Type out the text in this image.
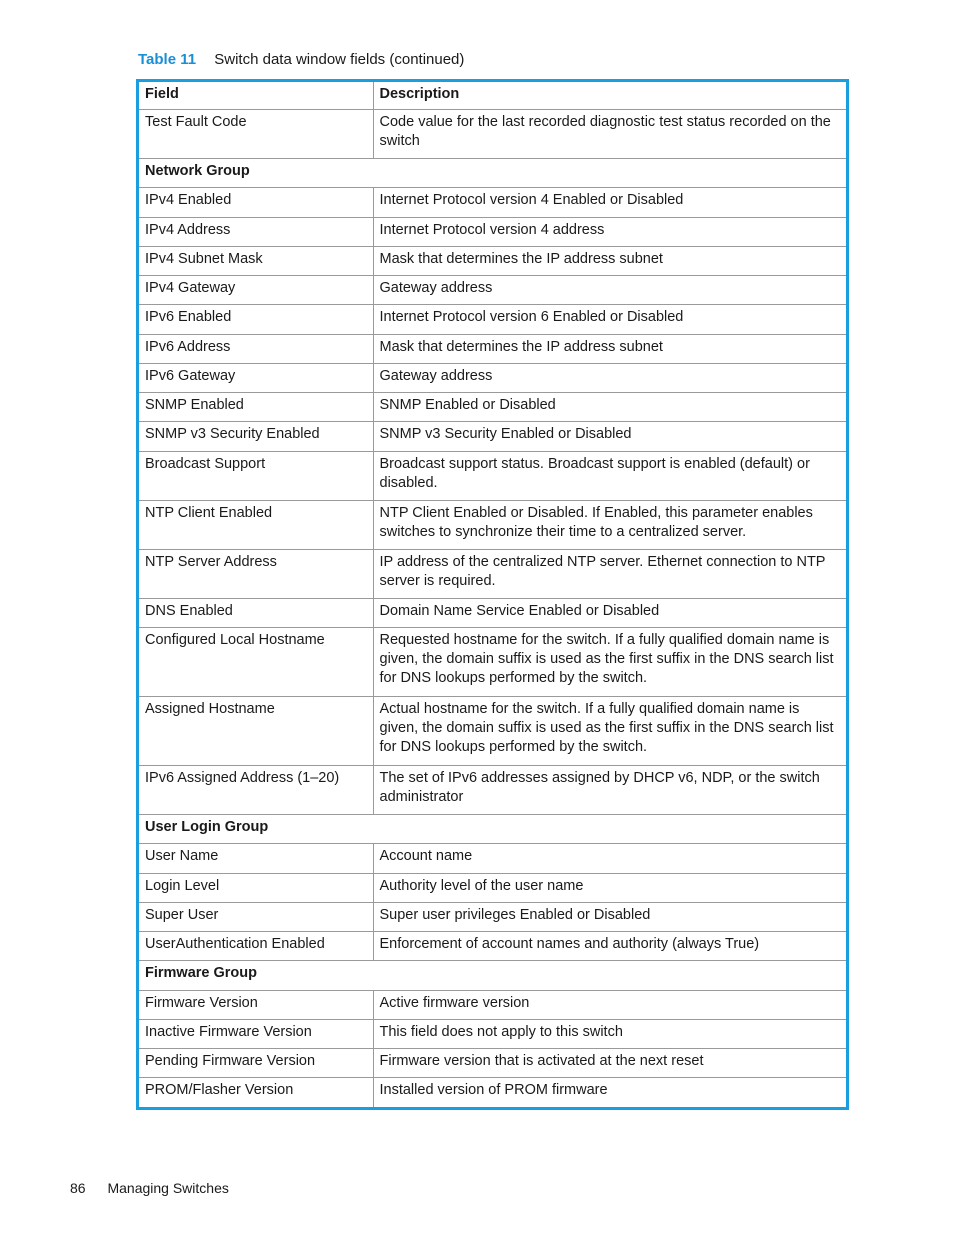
Table 11 Switch data window fields (continued)
Field	Description
Test Fault Code	Code value for the last recorded diagnostic test status recorded on the switch
Network Group	
IPv4 Enabled	Internet Protocol version 4 Enabled or Disabled
IPv4 Address	Internet Protocol version 4 address
IPv4 Subnet Mask	Mask that determines the IP address subnet
IPv4 Gateway	Gateway address
IPv6 Enabled	Internet Protocol version 6 Enabled or Disabled
IPv6 Address	Mask that determines the IP address subnet
IPv6 Gateway	Gateway address
SNMP Enabled	SNMP Enabled or Disabled
SNMP v3 Security Enabled	SNMP v3 Security Enabled or Disabled
Broadcast Support	Broadcast support status. Broadcast support is enabled (default) or disabled.
NTP Client Enabled	NTP Client Enabled or Disabled. If Enabled, this parameter enables switches to synchronize their time to a centralized server.
NTP Server Address	IP address of the centralized NTP server. Ethernet connection to NTP server is required.
DNS Enabled	Domain Name Service Enabled or Disabled
Configured Local Hostname	Requested hostname for the switch. If a fully qualified domain name is given, the domain suffix is used as the first suffix in the DNS search list for DNS lookups performed by the switch.
Assigned Hostname	Actual hostname for the switch. If a fully qualified domain name is given, the domain suffix is used as the first suffix in the DNS search list for DNS lookups performed by the switch.
IPv6 Assigned Address (1–20)	The set of IPv6 addresses assigned by DHCP v6, NDP, or the switch administrator
User Login Group	
User Name	Account name
Login Level	Authority level of the user name
Super User	Super user privileges Enabled or Disabled
UserAuthentication Enabled	Enforcement of account names and authority (always True)
Firmware Group	
Firmware Version	Active firmware version
Inactive Firmware Version	This field does not apply to this switch
Pending Firmware Version	Firmware version that is activated at the next reset
PROM/Flasher Version	Installed version of PROM firmware
86 Managing Switches
